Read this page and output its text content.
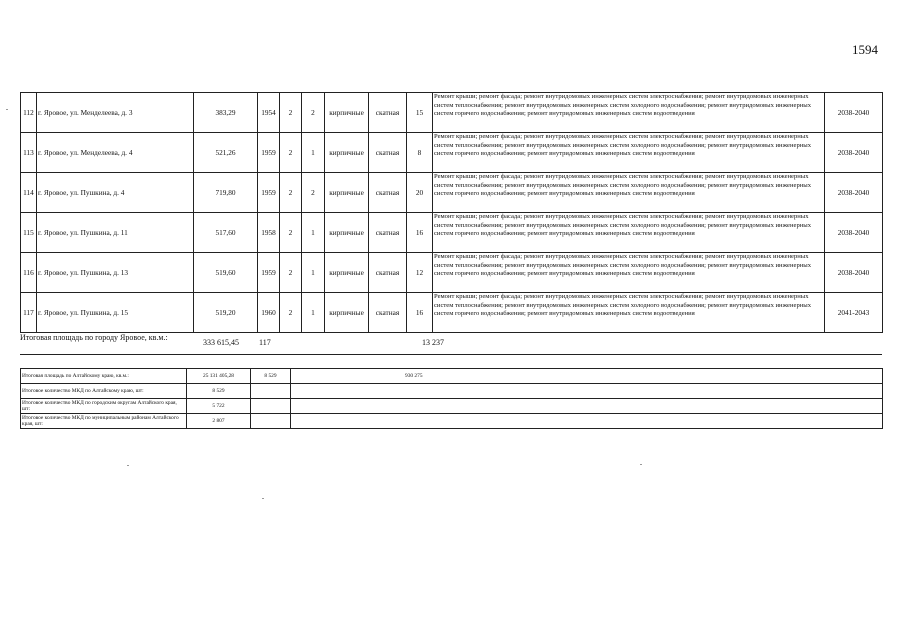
1594
112	г. Яровое, ул. Менделеева, д. 3	383,29	1954	2	2	кирпичные	скатная	15	Ремонт крыши; ремонт фасада; ремонт внутридомовых инженерных систем электроснабжения; ремонт внутридомовых инженерных систем теплоснабжения; ремонт внутридомовых инженерных систем холодного водоснабжения; ремонт внутридомовых инженерных систем горячего водоснабжения; ремонт внутридомовых инженерных систем водоотведения	2038-2040
113	г. Яровое, ул. Менделеева, д. 4	521,26	1959	2	1	кирпичные	скатная	8	Ремонт крыши; ремонт фасада; ремонт внутридомовых инженерных систем электроснабжения; ремонт внутридомовых инженерных систем теплоснабжения; ремонт внутридомовых инженерных систем холодного водоснабжения; ремонт внутридомовых инженерных систем горячего водоснабжения; ремонт внутридомовых инженерных систем водоотведения	2038-2040
114	г. Яровое, ул. Пушкина, д. 4	719,80	1959	2	2	кирпичные	скатная	20	Ремонт крыши; ремонт фасада; ремонт внутридомовых инженерных систем электроснабжения; ремонт внутридомовых инженерных систем теплоснабжения; ремонт внутридомовых инженерных систем холодного водоснабжения; ремонт внутридомовых инженерных систем горячего водоснабжения; ремонт внутридомовых инженерных систем водоотведения	2038-2040
115	г. Яровое, ул. Пушкина, д. 11	517,60	1958	2	1	кирпичные	скатная	16	Ремонт крыши; ремонт фасада; ремонт внутридомовых инженерных систем электроснабжения; ремонт внутридомовых инженерных систем теплоснабжения; ремонт внутридомовых инженерных систем холодного водоснабжения; ремонт внутридомовых инженерных систем горячего водоснабжения; ремонт внутридомовых инженерных систем водоотведения	2038-2040
116	г. Яровое, ул. Пушкина, д. 13	519,60	1959	2	1	кирпичные	скатная	12	Ремонт крыши; ремонт фасада; ремонт внутридомовых инженерных систем электроснабжения; ремонт внутридомовых инженерных систем теплоснабжения; ремонт внутридомовых инженерных систем холодного водоснабжения; ремонт внутридомовых инженерных систем горячего водоснабжения; ремонт внутридомовых инженерных систем водоотведения	2038-2040
117	г. Яровое, ул. Пушкина, д. 15	519,20	1960	2	1	кирпичные	скатная	16	Ремонт крыши; ремонт фасада; ремонт внутридомовых инженерных систем электроснабжения; ремонт внутридомовых инженерных систем теплоснабжения; ремонт внутридомовых инженерных систем холодного водоснабжения; ремонт внутридомовых инженерных систем горячего водоснабжения; ремонт внутридомовых инженерных систем водоотведения	2041-2043
Итоговая площадь по городу Яровое, кв.м.:
333 615,45	117	13 237
Итоговая площадь по Алтайскому краю, кв.м.:	25 131 405,28	8 529	930 275
Итоговое количество МКД по Алтайскому краю, шт:	8 529		
Итоговое количество МКД по городским округам Алтайского края, шт:	5 722		
Итоговое количество МКД по муниципальным районам Алтайского края, шт:	2 807		
